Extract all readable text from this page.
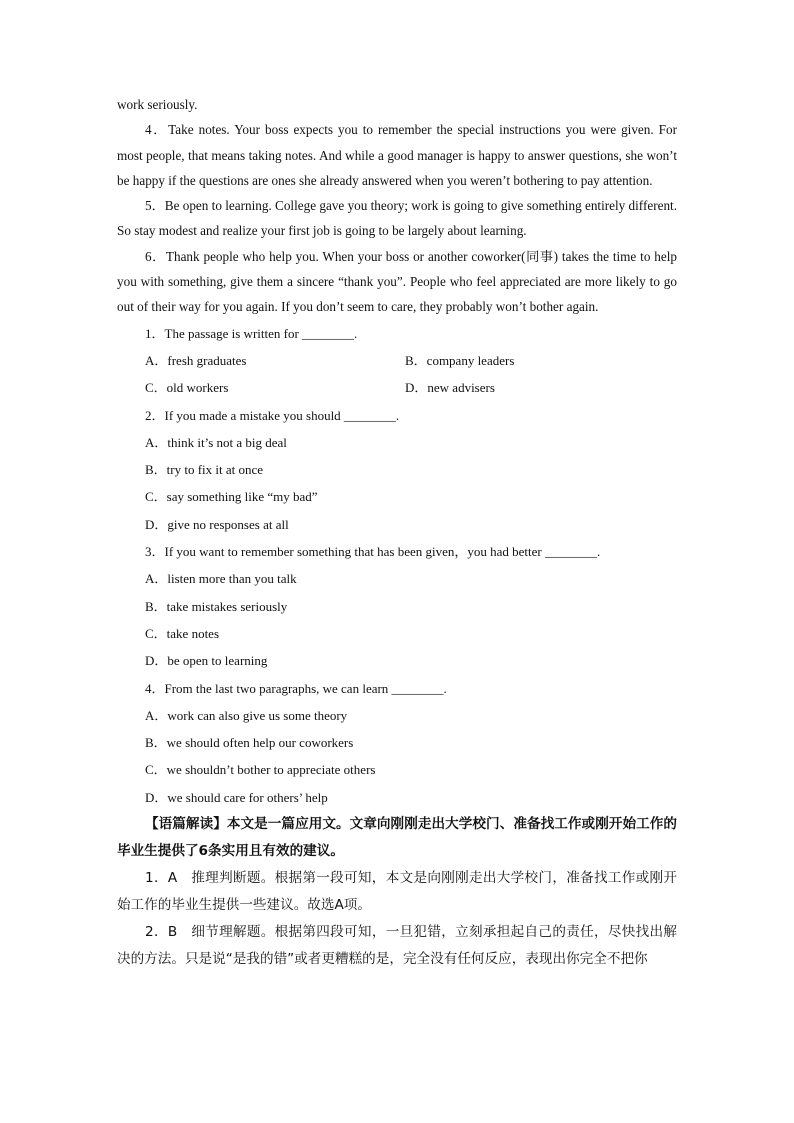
work seriously.

4．Take notes. Your boss expects you to remember the special instructions you were given. For most people, that means taking notes. And while a good manager is happy to answer questions, she won’t be happy if the questions are ones she already answered when you weren’t bothering to pay attention.

5．Be open to learning. College gave you theory; work is going to give something entirely different. So stay modest and realize your first job is going to be largely about learning.

6．Thank people who help you. When your boss or another coworker(同事) takes the time to help you with something, give them a sincere “thank you”. People who feel appreciated are more likely to go out of their way for you again. If you don’t seem to care, they probably won’t bother again.

1．The passage is written for ________.

A．fresh graduates	B．company leaders
C．old workers	D．new advisers

2．If you made a mistake you should ________.

A．think it’s not a big deal

B．try to fix it at once

C．say something like “my bad”

D．give no responses at all

3．If you want to remember something that has been given，you had better ________.

A．listen more than you talk

B．take mistakes seriously

C．take notes

D．be open to learning

4．From the last two paragraphs, we can learn ________.

A．work can also give us some theory

B．we should often help our coworkers

C．we shouldn’t bother to appreciate others

D．we should care for others’ help

【语篇解读】本文是一篇应用文。文章向刚刚走出大学校门、准备找工作或刚开始工作的毕业生提供了6条实用且有效的建议。

1．A　推理判断题。根据第一段可知，本文是向刚刚走出大学校门，准备找工作或刚开始工作的毕业生提供一些建议。故选A项。

2．B　细节理解题。根据第四段可知，一旦犯错，立刻承担起自己的责任，尽快找出解决的方法。只是说“是我的错”或者更糟糕的是，完全没有任何反应，表现出你完全不把你
